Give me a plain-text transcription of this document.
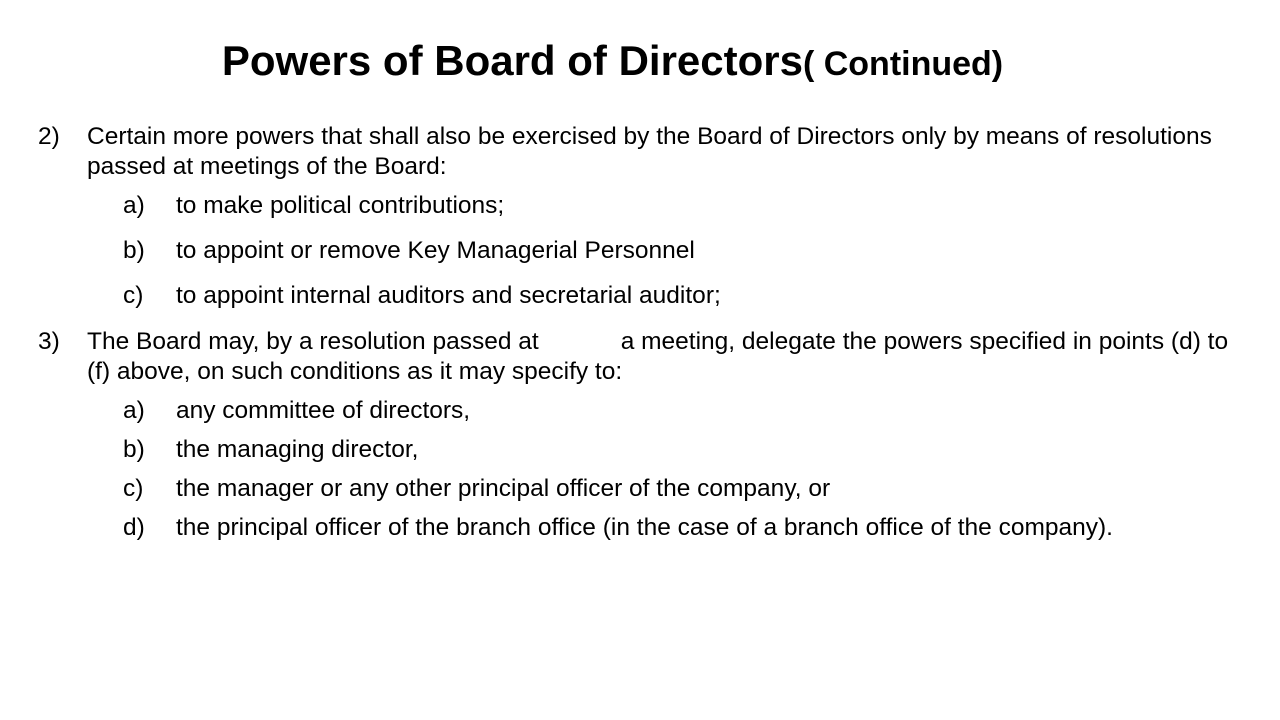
Powers of Board of Directors( Continued)
2)	Certain more powers that shall also be exercised by the Board of Directors only by means of resolutions passed at meetings of the Board:
a)	to make political contributions;
b)	to appoint or remove Key Managerial Personnel
c)	to appoint internal auditors and secretarial auditor;
3)	The Board may, by a resolution passed at	a meeting, delegate the powers specified in points (d) to (f) above, on such conditions as it may specify to:
a)	any committee of directors,
b)	the managing director,
c)	the manager or any other principal officer of the company, or
d)	the principal officer of the branch office (in the case of a branch office of the company).
